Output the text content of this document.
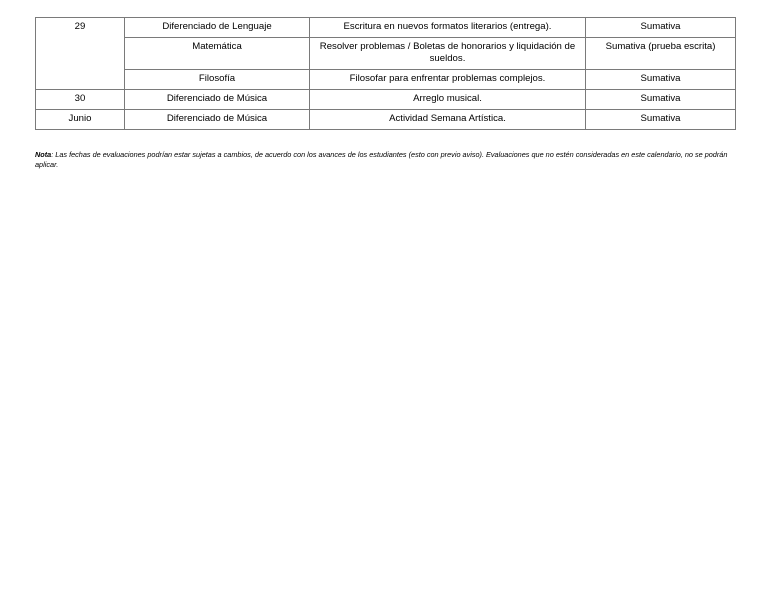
29	Diferenciado de Lenguaje	Escritura en nuevos formatos literarios (entrega).	Sumativa
	Matemática	Resolver problemas / Boletas de honorarios y liquidación de sueldos.	Sumativa (prueba escrita)
	Filosofía	Filosofar para enfrentar problemas complejos.	Sumativa
30	Diferenciado de Música	Arreglo musical.	Sumativa
Junio	Diferenciado de Música	Actividad Semana Artística.	Sumativa

Nota: Las fechas de evaluaciones podrían estar sujetas a cambios, de acuerdo con los avances de los estudiantes (esto con previo aviso). Evaluaciones que no estén consideradas en este calendario, no se podrán aplicar.
